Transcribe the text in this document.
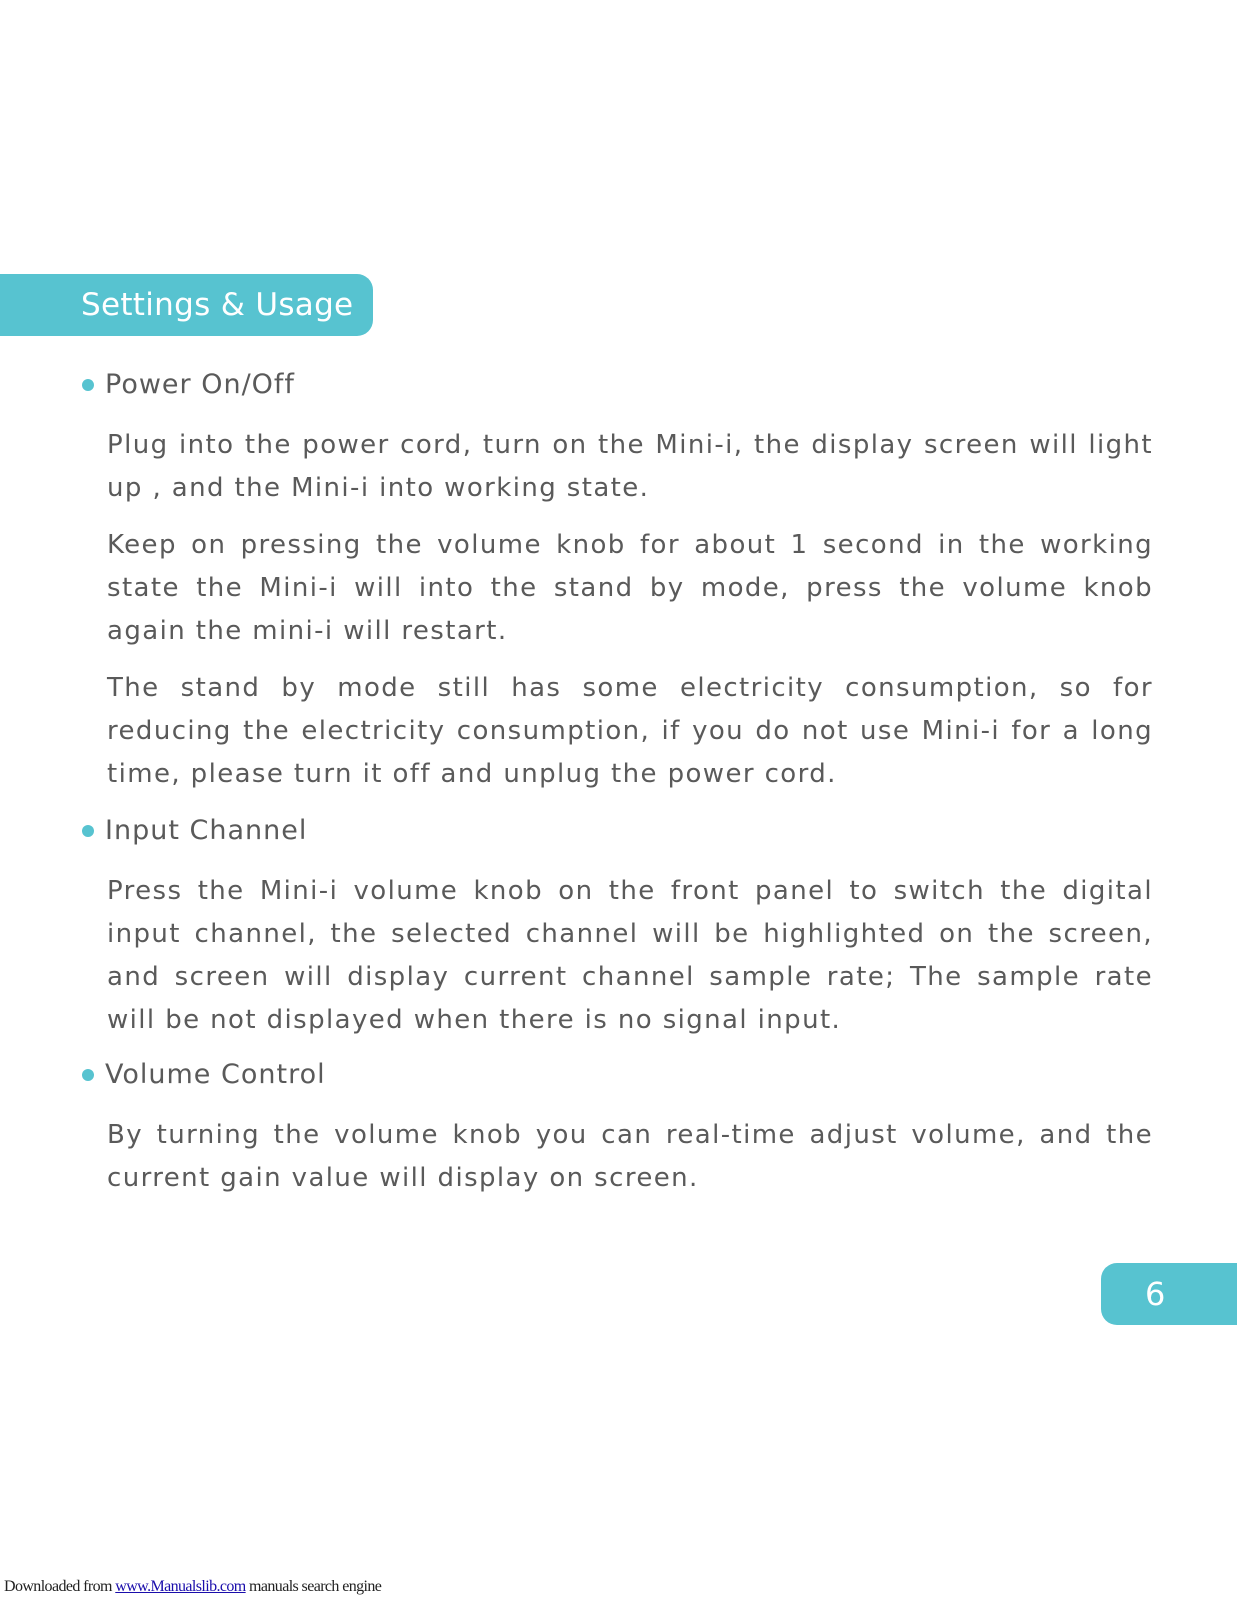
Settings & Usage
Power On/Off

Plug into the power cord, turn on the Mini-i, the display screen will light up , and the Mini-i into working state.

Keep on pressing the volume knob for about 1 second in the working state the Mini-i will into the stand by mode, press the volume knob again the mini-i will restart.

The stand by mode still has some electricity consumption, so for reducing the electricity consumption, if you do not use Mini-i for a long time, please turn it off and unplug the power cord.

Input Channel

Press the Mini-i volume knob on the front panel to switch the digital input channel, the selected channel will be highlighted on the screen, and screen will display current channel sample rate; The sample rate will be not displayed when there is no signal input.

Volume Control

By turning the volume knob you can real-time adjust volume, and the current gain value will display on screen.

6
Downloaded from www.Manualslib.com manuals search engine
